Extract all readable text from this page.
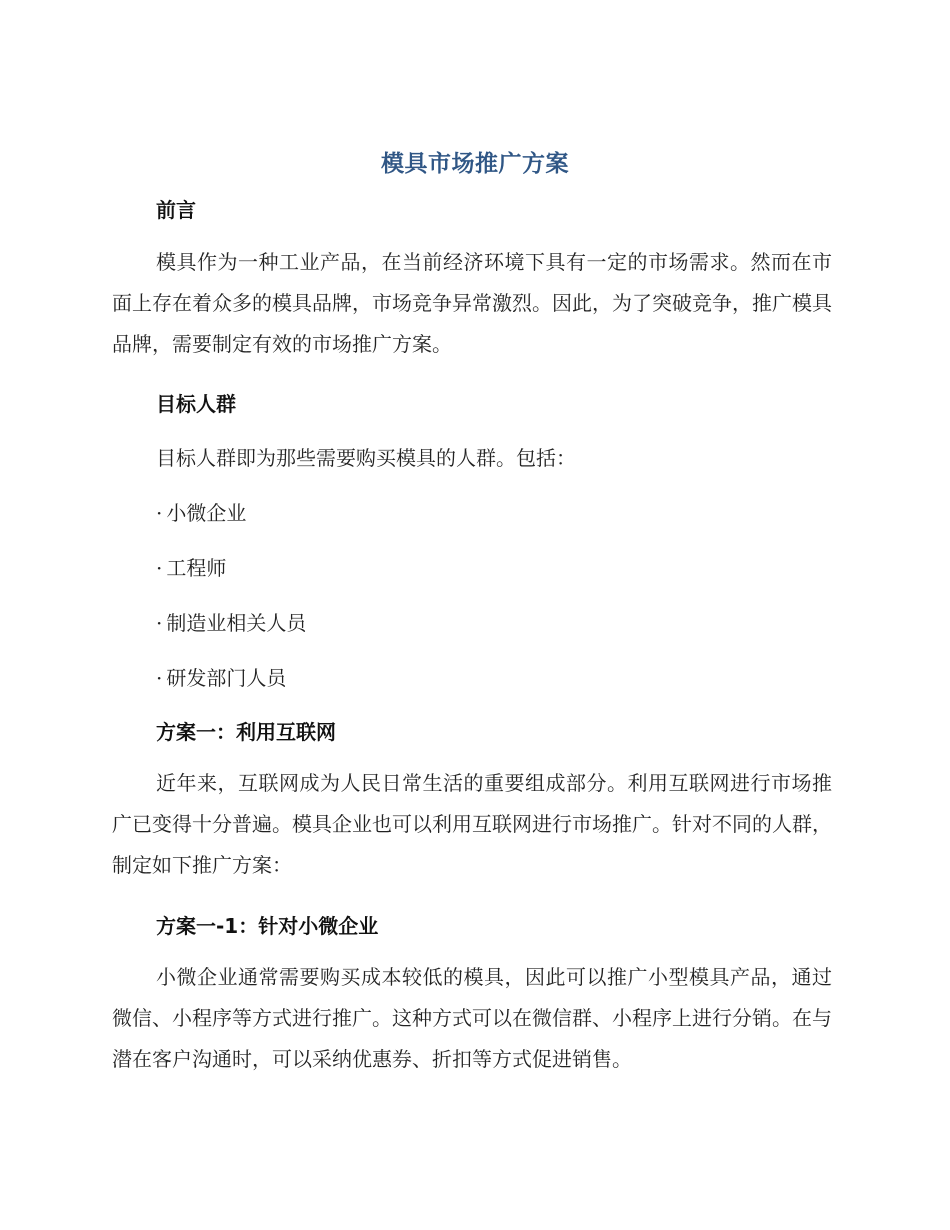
模具市场推广方案
前言
模具作为一种工业产品，在当前经济环境下具有一定的市场需求。然而在市面上存在着众多的模具品牌，市场竞争异常激烈。因此，为了突破竞争，推广模具品牌，需要制定有效的市场推广方案。
目标人群
目标人群即为那些需要购买模具的人群。包括：
· 小微企业
· 工程师
· 制造业相关人员
· 研发部门人员
方案一：利用互联网
近年来，互联网成为人民日常生活的重要组成部分。利用互联网进行市场推广已变得十分普遍。模具企业也可以利用互联网进行市场推广。针对不同的人群，制定如下推广方案：
方案一-1：针对小微企业
小微企业通常需要购买成本较低的模具，因此可以推广小型模具产品，通过微信、小程序等方式进行推广。这种方式可以在微信群、小程序上进行分销。在与潜在客户沟通时，可以采纳优惠券、折扣等方式促进销售。
